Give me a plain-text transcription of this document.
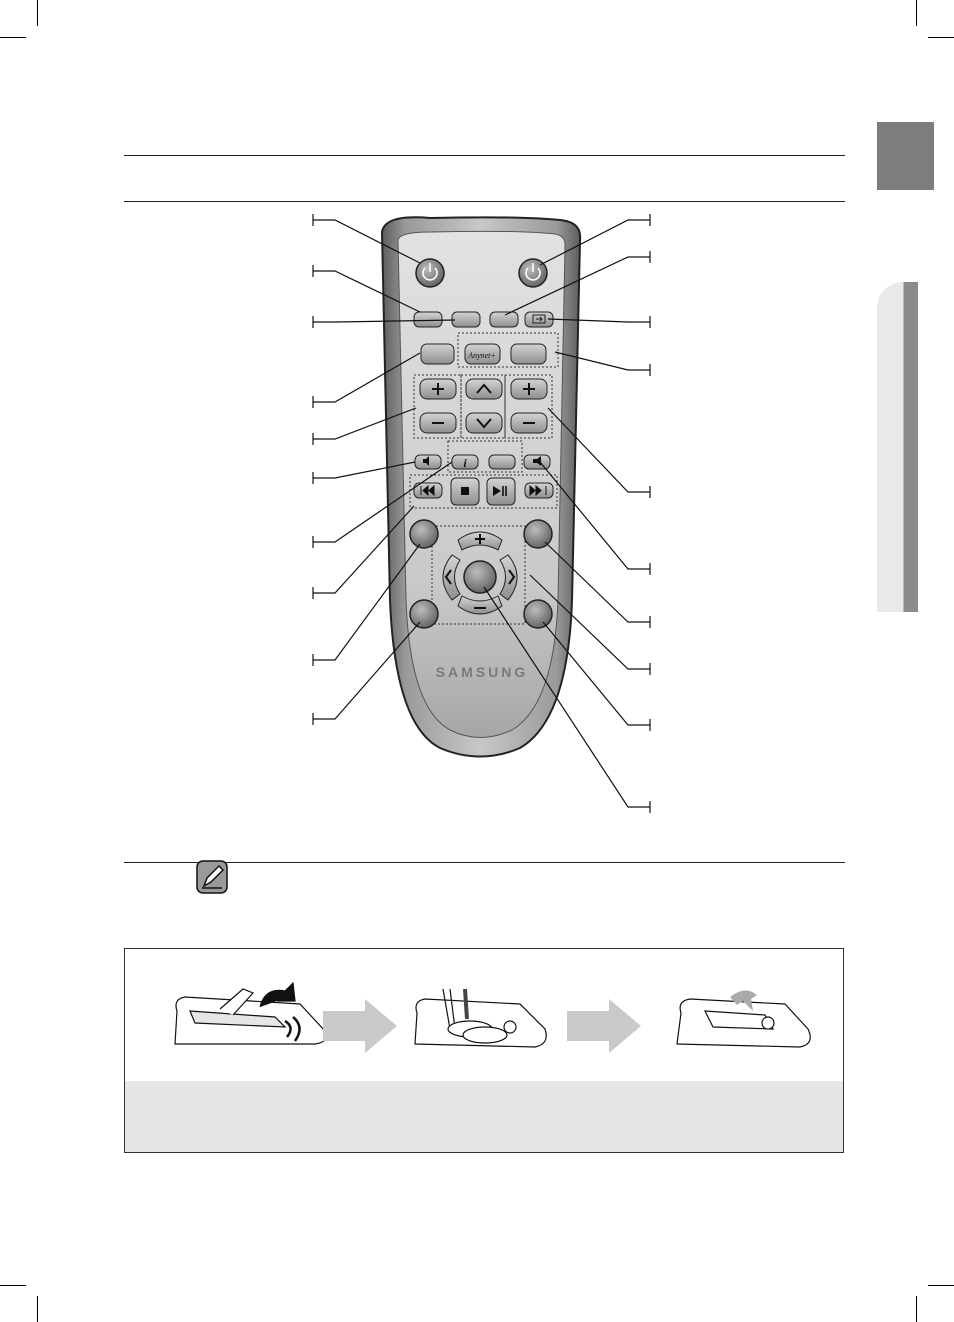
Anynet+
i
SAMSUNG
